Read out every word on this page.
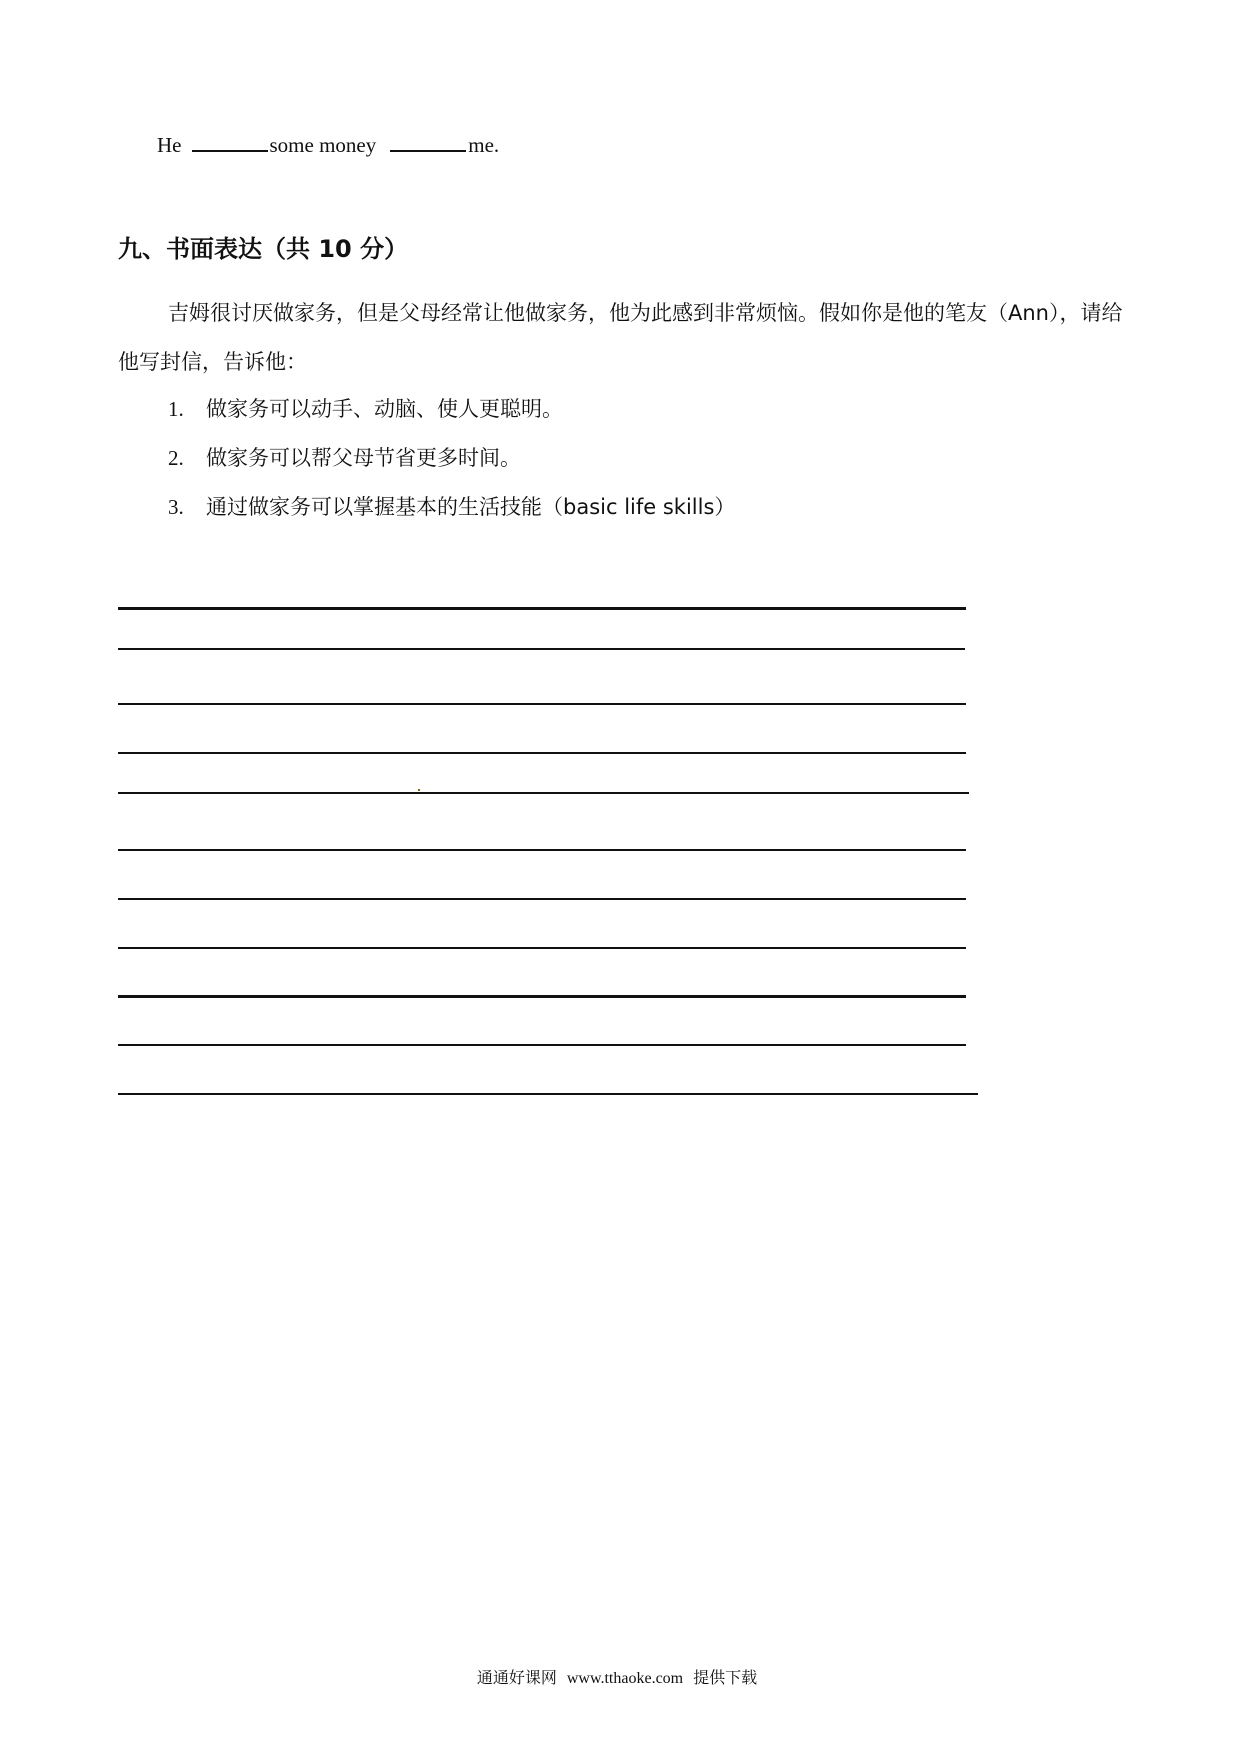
He	some money	me.
九、书面表达（共 10 分）
吉姆很讨厌做家务，但是父母经常让他做家务，他为此感到非常烦恼。假如你是他的笔友（Ann），请给他写封信，告诉他：
1. 做家务可以动手、动脑、使人更聪明。
2. 做家务可以帮父母节省更多时间。
3. 通过做家务可以掌握基本的生活技能（basic life skills）
通通好课网 www.tthaoke.com 提供下载
